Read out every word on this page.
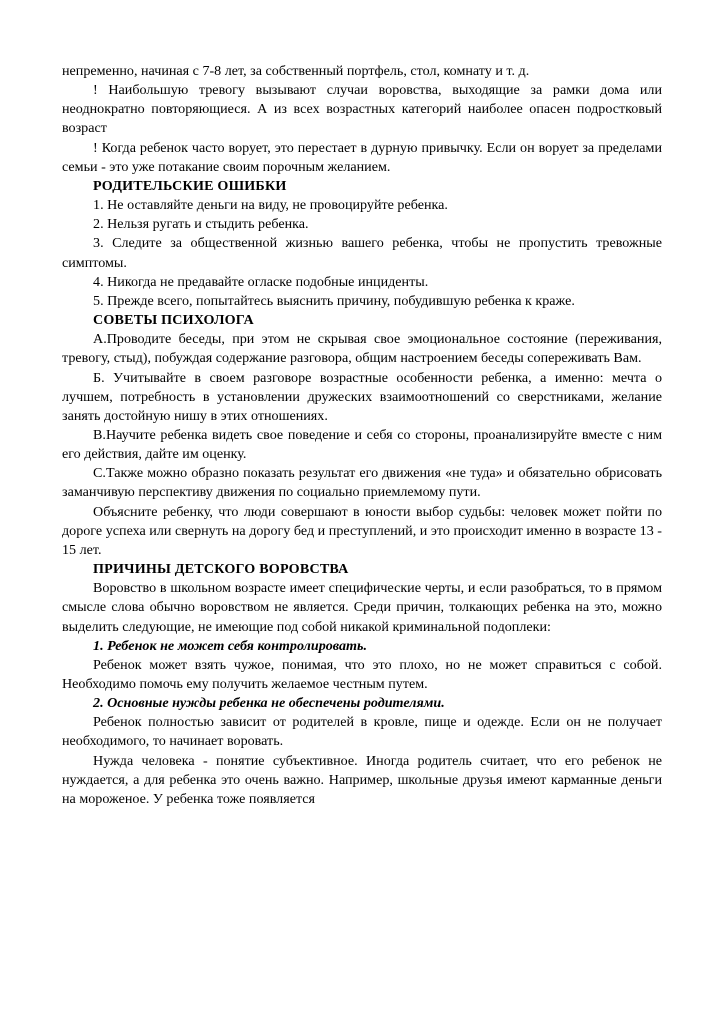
непременно, начиная с 7-8 лет, за собственный портфель, стол, комнату и т. д.

! Наибольшую тревогу вызывают случаи воровства, выходящие за рамки дома или неоднократно повторяющиеся. А из всех возрастных категорий наиболее опасен подростковый возраст

! Когда ребенок часто ворует, это перестает в дурную привычку. Если он ворует за пределами семьи - это уже потакание своим порочным желанием.

РОДИТЕЛЬСКИЕ ОШИБКИ

1. Не оставляйте деньги на виду, не провоцируйте ребенка.

2. Нельзя ругать и стыдить ребенка.

3. Следите за общественной жизнью вашего ребенка, чтобы не пропустить тревожные симптомы.

4. Никогда не предавайте огласке подобные инциденты.

5. Прежде всего, попытайтесь выяснить причину, побудившую ребенка к краже.

СОВЕТЫ ПСИХОЛОГА

А.Проводите беседы, при этом не скрывая свое эмоциональное состояние (переживания, тревогу, стыд), побуждая содержание разговора, общим настроением беседы сопереживать Вам.

Б. Учитывайте в своем разговоре возрастные особенности ребенка, а именно: мечта о лучшем, потребность в установлении дружеских взаимоотношений со сверстниками, желание занять достойную нишу в этих отношениях.

В.Научите ребенка видеть свое поведение и себя со стороны, проанализируйте вместе с ним его действия, дайте им оценку.

С.Также можно образно показать результат его движения «не туда» и обязательно обрисовать заманчивую перспективу движения по социально приемлемому пути.

Объясните ребенку, что люди совершают в юности выбор судьбы: человек может пойти по дороге успеха или свернуть на дорогу бед и преступлений, и это происходит именно в возрасте 13 - 15 лет.

ПРИЧИНЫ ДЕТСКОГО ВОРОВСТВА

Воровство в школьном возрасте имеет специфические черты, и если разобраться, то в прямом смысле слова обычно воровством не является. Среди причин, толкающих ребенка на это, можно выделить следующие, не имеющие под собой никакой криминальной подоплеки:

1. Ребенок не может себя контролировать.

Ребенок может взять чужое, понимая, что это плохо, но не может справиться с собой. Необходимо помочь ему получить желаемое честным путем.

2. Основные нужды ребенка не обеспечены родителями.

Ребенок полностью зависит от родителей в кровле, пище и одежде. Если он не получает необходимого, то начинает воровать.

Нужда человека - понятие субъективное. Иногда родитель считает, что его ребенок не нуждается, а для ребенка это очень важно. Например, школьные друзья имеют карманные деньги на мороженое. У ребенка тоже появляется
